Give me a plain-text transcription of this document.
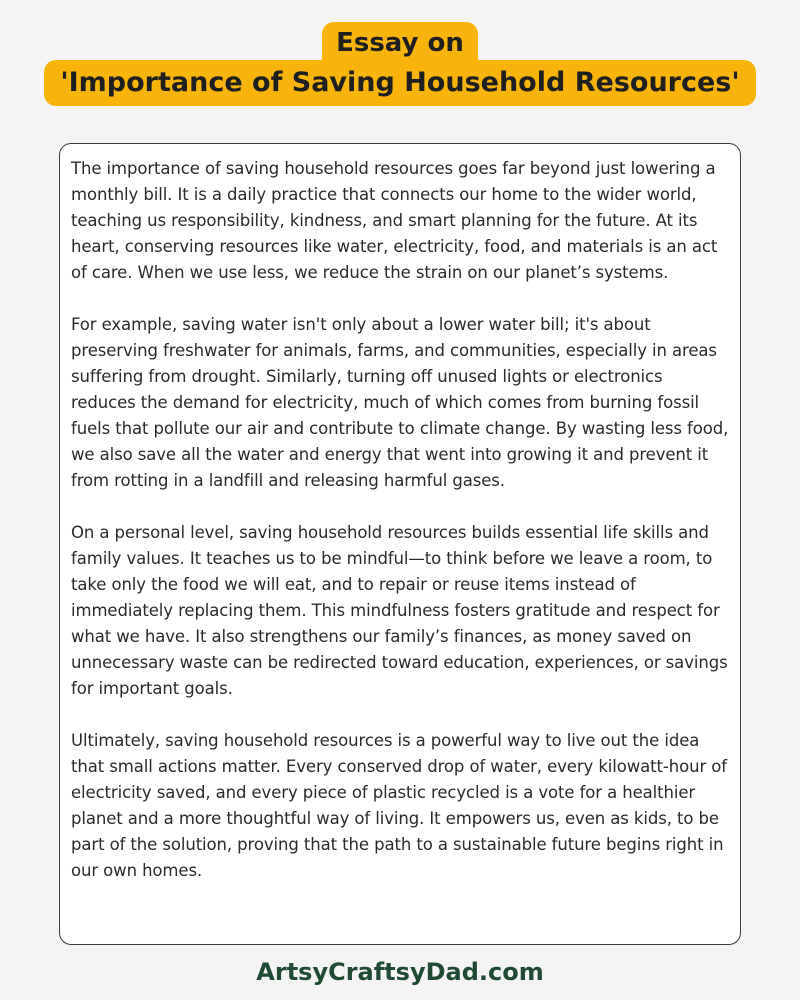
Essay on
'Importance of Saving Household Resources'

The importance of saving household resources goes far beyond just lowering a monthly bill. It is a daily practice that connects our home to the wider world, teaching us responsibility, kindness, and smart planning for the future. At its heart, conserving resources like water, electricity, food, and materials is an act of care. When we use less, we reduce the strain on our planet’s systems.

For example, saving water isn't only about a lower water bill; it's about preserving freshwater for animals, farms, and communities, especially in areas suffering from drought. Similarly, turning off unused lights or electronics reduces the demand for electricity, much of which comes from burning fossil fuels that pollute our air and contribute to climate change. By wasting less food, we also save all the water and energy that went into growing it and prevent it from rotting in a landfill and releasing harmful gases.

On a personal level, saving household resources builds essential life skills and family values. It teaches us to be mindful—to think before we leave a room, to take only the food we will eat, and to repair or reuse items instead of immediately replacing them. This mindfulness fosters gratitude and respect for what we have. It also strengthens our family’s finances, as money saved on unnecessary waste can be redirected toward education, experiences, or savings for important goals.

Ultimately, saving household resources is a powerful way to live out the idea that small actions matter. Every conserved drop of water, every kilowatt-hour of electricity saved, and every piece of plastic recycled is a vote for a healthier planet and a more thoughtful way of living. It empowers us, even as kids, to be part of the solution, proving that the path to a sustainable future begins right in our own homes.

ArtsyCraftsyDad.com
